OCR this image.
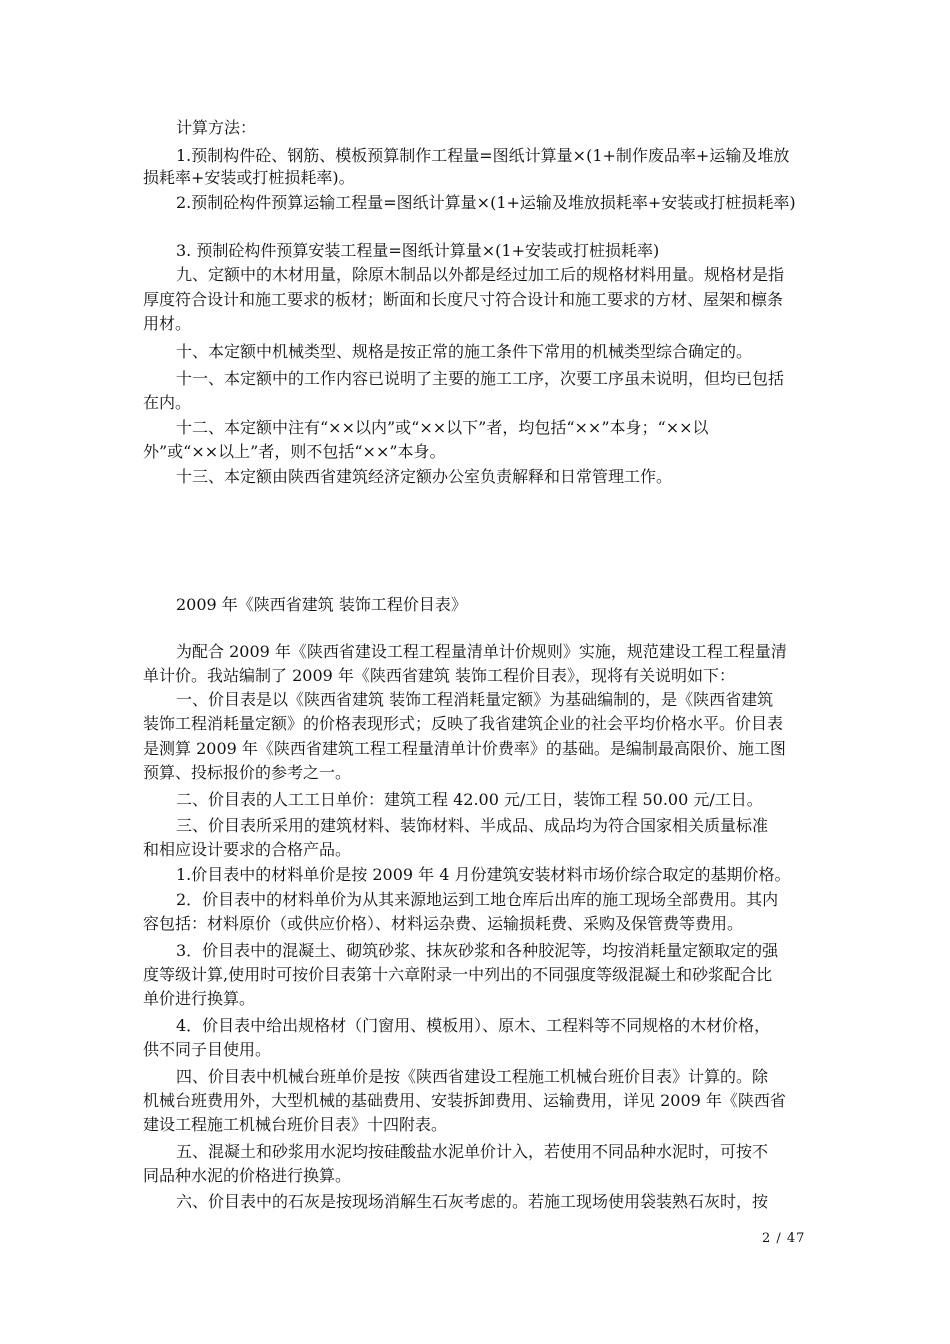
计算方法：
1.预制构件砼、钢筋、模板预算制作工程量=图纸计算量×(1+制作废品率+运输及堆放
损耗率+安装或打桩损耗率)。
2.预制砼构件预算运输工程量=图纸计算量×(1+运输及堆放损耗率+安装或打桩损耗率)
3. 预制砼构件预算安装工程量=图纸计算量×(1+安装或打桩损耗率)
九、定额中的木材用量，除原木制品以外都是经过加工后的规格材料用量。规格材是指
厚度符合设计和施工要求的板材；断面和长度尺寸符合设计和施工要求的方材、屋架和檩条
用材。
十、本定额中机械类型、规格是按正常的施工条件下常用的机械类型综合确定的。
十一、本定额中的工作内容已说明了主要的施工工序，次要工序虽未说明，但均已包括
在内。
十二、本定额中注有“××以内”或“××以下”者，均包括“××”本身；“××以
外”或“××以上”者，则不包括“××”本身。
十三、本定额由陕西省建筑经济定额办公室负责解释和日常管理工作。
2009 年《陕西省建筑 装饰工程价目表》
为配合 2009 年《陕西省建设工程工程量清单计价规则》实施，规范建设工程工程量清
单计价。我站编制了 2009 年《陕西省建筑 装饰工程价目表》，现将有关说明如下：
一、价目表是以《陕西省建筑 装饰工程消耗量定额》为基础编制的，是《陕西省建筑
装饰工程消耗量定额》的价格表现形式；反映了我省建筑企业的社会平均价格水平。价目表
是测算 2009 年《陕西省建筑工程工程量清单计价费率》的基础。是编制最高限价、施工图
预算、投标报价的参考之一。
二、价目表的人工工日单价：建筑工程 42.00 元/工日，装饰工程 50.00 元/工日。
三、价目表所采用的建筑材料、装饰材料、半成品、成品均为符合国家相关质量标准
和相应设计要求的合格产品。
1.价目表中的材料单价是按 2009 年 4 月份建筑安装材料市场价综合取定的基期价格。
2．价目表中的材料单价为从其来源地运到工地仓库后出库的施工现场全部费用。其内
容包括：材料原价（或供应价格）、材料运杂费、运输损耗费、采购及保管费等费用。
3．价目表中的混凝土、砌筑砂浆、抹灰砂浆和各种胶泥等，均按消耗量定额取定的强
度等级计算,使用时可按价目表第十六章附录一中列出的不同强度等级混凝土和砂浆配合比
单价进行换算。
4．价目表中给出规格材（门窗用、模板用）、原木、工程料等不同规格的木材价格，
供不同子目使用。
四、价目表中机械台班单价是按《陕西省建设工程施工机械台班价目表》计算的。除
机械台班费用外，大型机械的基础费用、安装拆卸费用、运输费用，详见 2009 年《陕西省
建设工程施工机械台班价目表》十四附表。
五、混凝土和砂浆用水泥均按硅酸盐水泥单价计入，若使用不同品种水泥时，可按不
同品种水泥的价格进行换算。
六、价目表中的石灰是按现场消解生石灰考虑的。若施工现场使用袋装熟石灰时，按
2 / 47
